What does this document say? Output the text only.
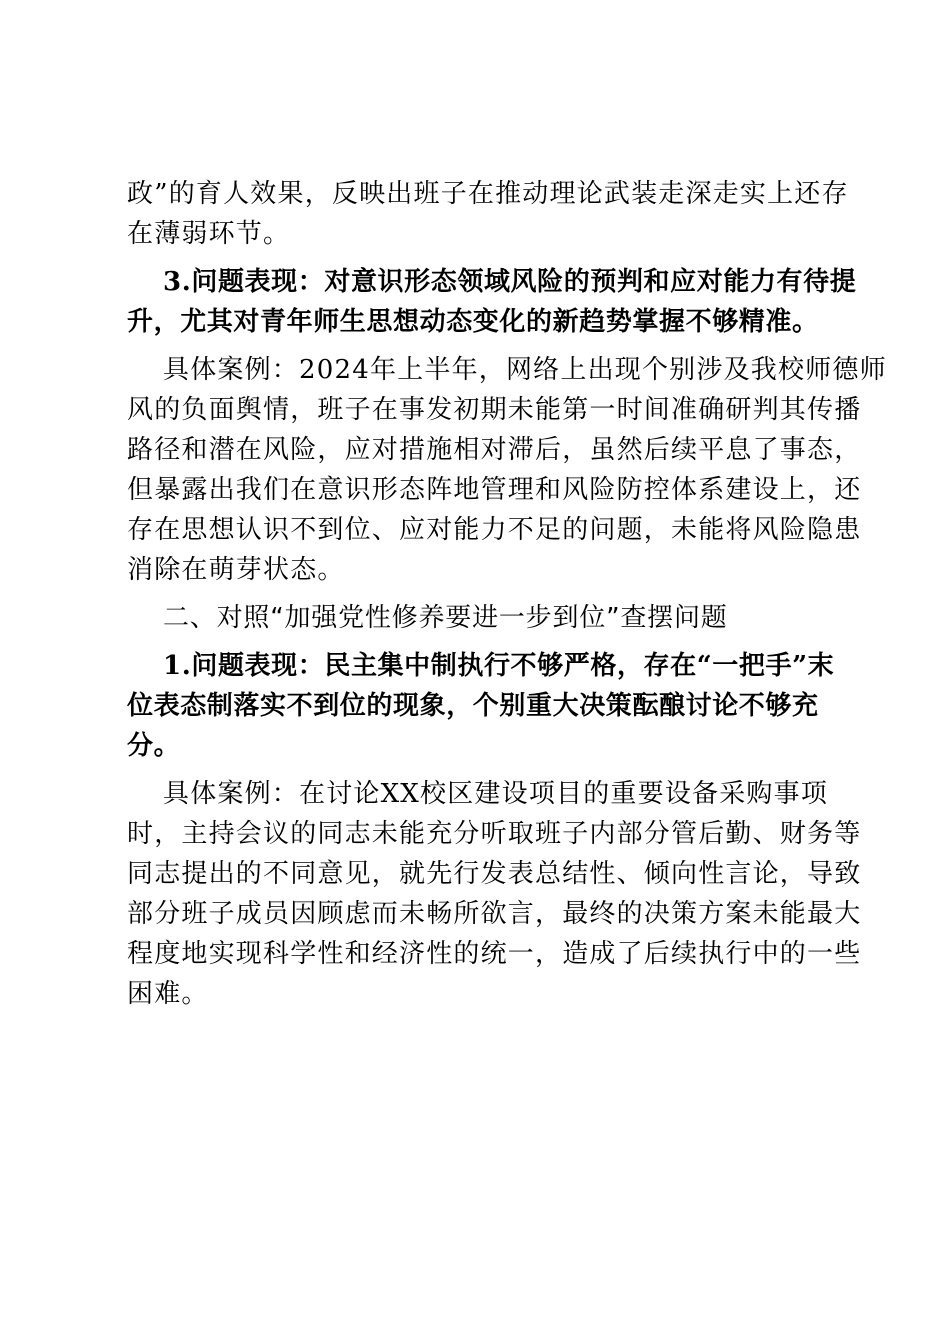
政”的育人效果，反映出班子在推动理论武装走深走实上还存
在薄弱环节。
3.问题表现：对意识形态领域风险的预判和应对能力有待提
升，尤其对青年师生思想动态变化的新趋势掌握不够精准。
具体案例：2024年上半年，网络上出现个别涉及我校师德师
风的负面舆情，班子在事发初期未能第一时间准确研判其传播
路径和潜在风险，应对措施相对滞后，虽然后续平息了事态，
但暴露出我们在意识形态阵地管理和风险防控体系建设上，还
存在思想认识不到位、应对能力不足的问题，未能将风险隐患
消除在萌芽状态。
二、对照“加强党性修养要进一步到位”查摆问题
1.问题表现：民主集中制执行不够严格，存在“一把手”末
位表态制落实不到位的现象，个别重大决策酝酿讨论不够充
分。
具体案例：在讨论XX校区建设项目的重要设备采购事项
时，主持会议的同志未能充分听取班子内部分管后勤、财务等
同志提出的不同意见，就先行发表总结性、倾向性言论，导致
部分班子成员因顾虑而未畅所欲言，最终的决策方案未能最大
程度地实现科学性和经济性的统一，造成了后续执行中的一些
困难。
